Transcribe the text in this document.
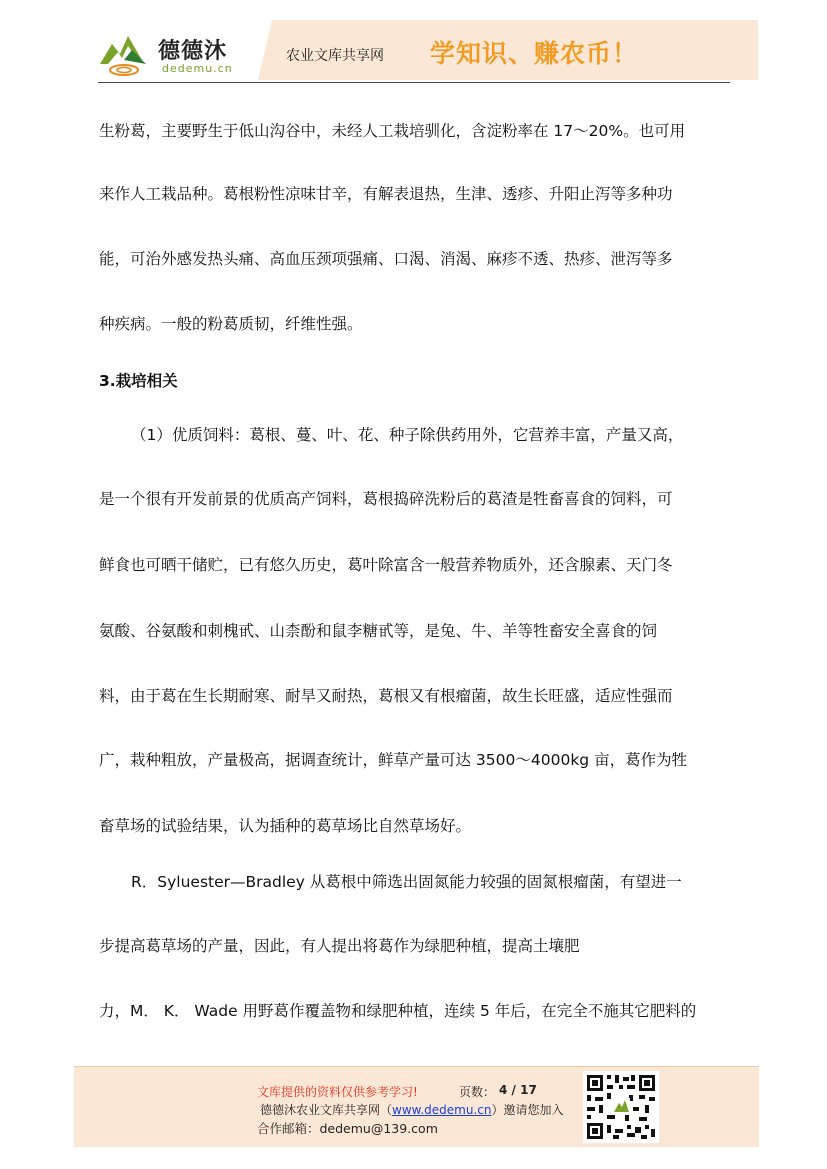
德德沐
dedemu.cn
农业文库共享网 学知识、赚农币！
生粉葛，主要野生于低山沟谷中，未经人工栽培驯化，含淀粉率在 17～20%。也可用
来作人工栽品种。葛根粉性凉味甘辛，有解表退热，生津、透疹、升阳止泻等多种功
能，可治外感发热头痛、高血压颈项强痛、口渴、消渴、麻疹不透、热疹、泄泻等多
种疾病。一般的粉葛质韧，纤维性强。
3.栽培相关
（1）优质饲料：葛根、蔓、叶、花、种子除供药用外，它营养丰富，产量又高，
是一个很有开发前景的优质高产饲料，葛根捣碎洗粉后的葛渣是牲畜喜食的饲料，可
鲜食也可晒干储贮，已有悠久历史，葛叶除富含一般营养物质外，还含腺素、天门冬
氨酸、谷氨酸和刺槐甙、山柰酚和鼠李糖甙等，是兔、牛、羊等牲畜安全喜食的饲
料，由于葛在生长期耐寒、耐旱又耐热，葛根又有根瘤菌，故生长旺盛，适应性强而
广，栽种粗放，产量极高，据调查统计，鲜草产量可达 3500～4000kg 亩，葛作为牲
畜草场的试验结果，认为插种的葛草场比自然草场好。
R．Syluester—Bradley 从葛根中筛选出固氮能力较强的固氮根瘤菌，有望进一
步提高葛草场的产量，因此，有人提出将葛作为绿肥种植，提高土壤肥
力，M． K． Wade 用野葛作覆盖物和绿肥种植，连续 5 年后，在完全不施其它肥料的
文库提供的资料仅供参考学习!	页数： 4 / 17
德德沐农业文库共享网（www.dedemu.cn）邀请您加入
合作邮箱：dedemu@139.com
